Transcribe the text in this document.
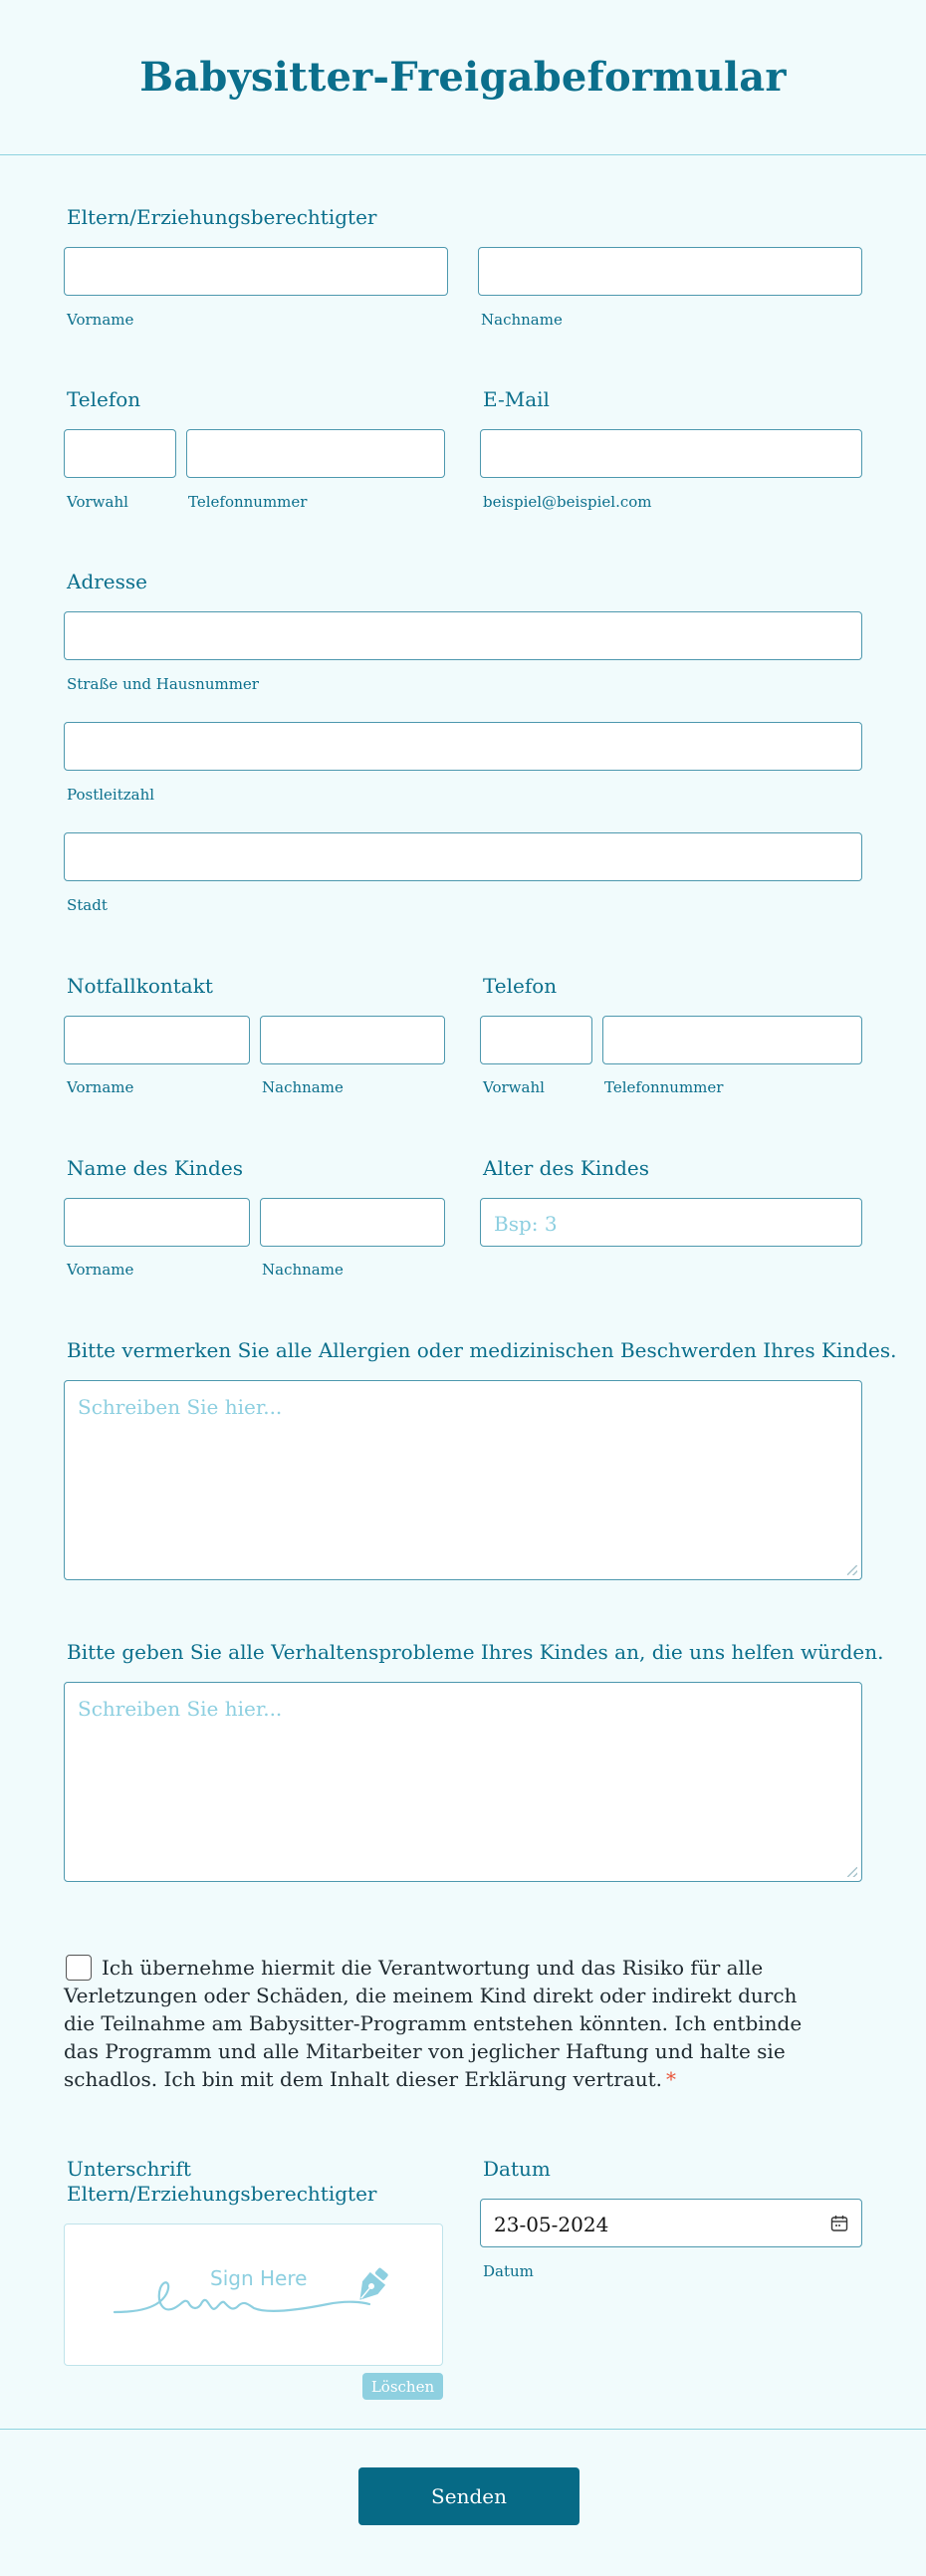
Babysitter-Freigabeformular
Eltern/Erziehungsberechtigter
Vorname	Nachname
Telefon
Vorwahl	Telefonnummer
E-Mail
beispiel@beispiel.com
Adresse
Straße und Hausnummer
Postleitzahl
Stadt
Notfallkontakt
Vorname	Nachname
Telefon
Vorwahl	Telefonnummer
Name des Kindes
Vorname	Nachname
Alter des Kindes
Bsp: 3
Bitte vermerken Sie alle Allergien oder medizinischen Beschwerden Ihres Kindes.
Schreiben Sie hier...
Bitte geben Sie alle Verhaltensprobleme Ihres Kindes an, die uns helfen würden.
Schreiben Sie hier...
Ich übernehme hiermit die Verantwortung und das Risiko für alle Verletzungen oder Schäden, die meinem Kind direkt oder indirekt durch die Teilnahme am Babysitter-Programm entstehen könnten. Ich entbinde das Programm und alle Mitarbeiter von jeglicher Haftung und halte sie schadlos. Ich bin mit dem Inhalt dieser Erklärung vertraut. *
Unterschrift
Eltern/Erziehungsberechtigter
Sign Here
Löschen
Datum
23-05-2024
Datum
Senden
